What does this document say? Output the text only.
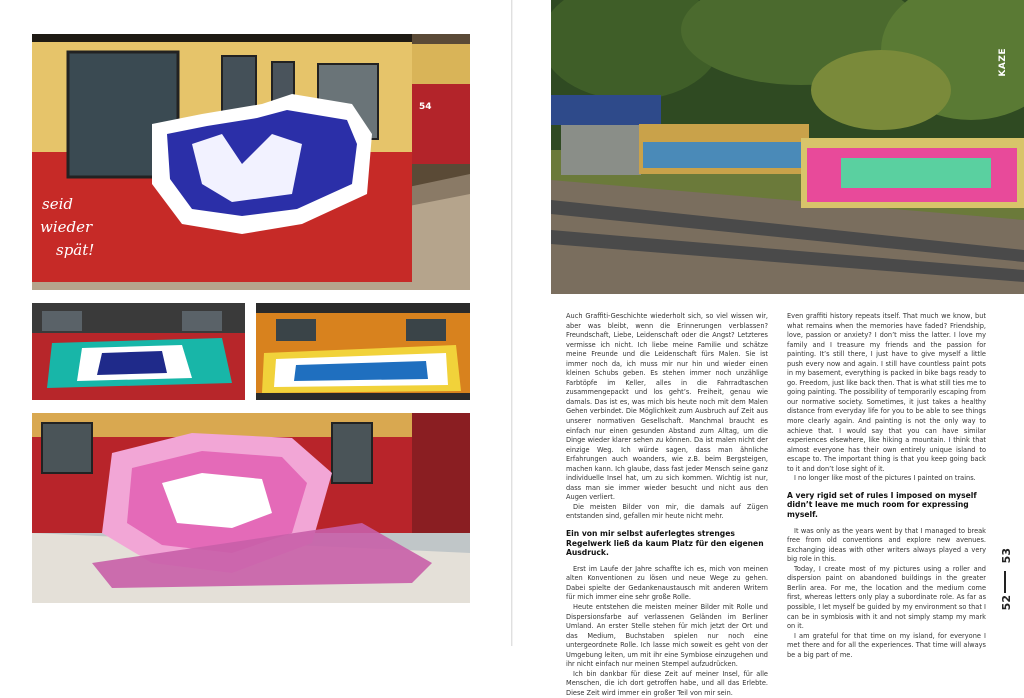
seid
wieder
spät!
54
KAZE

Auch Graffiti-Geschichte wiederholt sich, so viel wissen wir, aber was bleibt, wenn die Erinnerungen verblassen? Freundschaft, Liebe, Leidenschaft oder die Angst? Letzteres vermisse ich nicht. Ich liebe meine Familie und schätze meine Freunde und die Leidenschaft fürs Malen. Sie ist immer noch da, ich muss mir nur hin und wieder einen kleinen Schubs geben. Es stehen immer noch unzählige Farbtöpfe im Keller, alles in die Fahrradtaschen zusammengepackt und los geht’s. Freiheit, genau wie damals. Das ist es, was mich bis heute noch mit dem Malen Gehen verbindet. Die Möglichkeit zum Ausbruch auf Zeit aus unserer normativen Gesellschaft. Manchmal braucht es einfach nur einen gesunden Abstand zum Alltag, um die Dinge wieder klarer sehen zu können. Da ist malen nicht der einzige Weg. Ich würde sagen, dass man ähnliche Erfahrungen auch woanders, wie z.B. beim Bergsteigen, machen kann. Ich glaube, dass fast jeder Mensch seine ganz individuelle Insel hat, um zu sich kommen. Wichtig ist nur, dass man sie immer wieder besucht und nicht aus den Augen verliert.

Die meisten Bilder von mir, die damals auf Zügen entstanden sind, gefallen mir heute nicht mehr.

Ein von mir selbst auferlegtes strenges Regelwerk ließ da kaum Platz für den eigenen Ausdruck.

Erst im Laufe der Jahre schaffte ich es, mich von meinen alten Konventionen zu lösen und neue Wege zu gehen. Dabei spielte der Gedankenaustausch mit anderen Writern für mich immer eine sehr große Rolle.

Heute entstehen die meisten meiner Bilder mit Rolle und Dispersionsfarbe auf verlassenen Geländen im Berliner Umland. An erster Stelle stehen für mich jetzt der Ort und das Medium, Buchstaben spielen nur noch eine untergeordnete Rolle. Ich lasse mich soweit es geht von der Umgebung leiten, um mit ihr eine Symbiose einzugehen und ihr nicht einfach nur meinen Stempel aufzudrücken.

Ich bin dankbar für diese Zeit auf meiner Insel, für alle Menschen, die ich dort getroffen habe, und all das Erlebte. Diese Zeit wird immer ein großer Teil von mir sein.

Even graffiti history repeats itself. That much we know, but what remains when the memories have faded? Friendship, love, passion or anxiety? I don’t miss the latter. I love my family and I treasure my friends and the passion for painting. It’s still there, I just have to give myself a little push every now and again. I still have countless paint pots in my basement, everything is packed in bike bags ready to go. Freedom, just like back then. That is what still ties me to going painting. The possibility of temporarily escaping from our normative society. Sometimes, it just takes a healthy distance from everyday life for you to be able to see things more clearly again. And painting is not the only way to achieve that. I would say that you can have similar experiences elsewhere, like hiking a mountain. I think that almost everyone has their own entirely unique island to escape to. The important thing is that you keep going back to it and don’t lose sight of it.

I no longer like most of the pictures I painted on trains.

A very rigid set of rules I imposed on myself didn’t leave me much room for expressing myself.

It was only as the years went by that I managed to break free from old conventions and explore new avenues. Exchanging ideas with other writers always played a very big role in this.

Today, I create most of my pictures using a roller and dispersion paint on abandoned buildings in the greater Berlin area. For me, the location and the medium come first, whereas letters only play a subordinate role. As far as possible, I let myself be guided by my environment so that I can be in symbiosis with it and not simply stamp my mark on it.

I am grateful for that time on my island, for everyone I met there and for all the experiences. That time will always be a big part of me.

53
52
